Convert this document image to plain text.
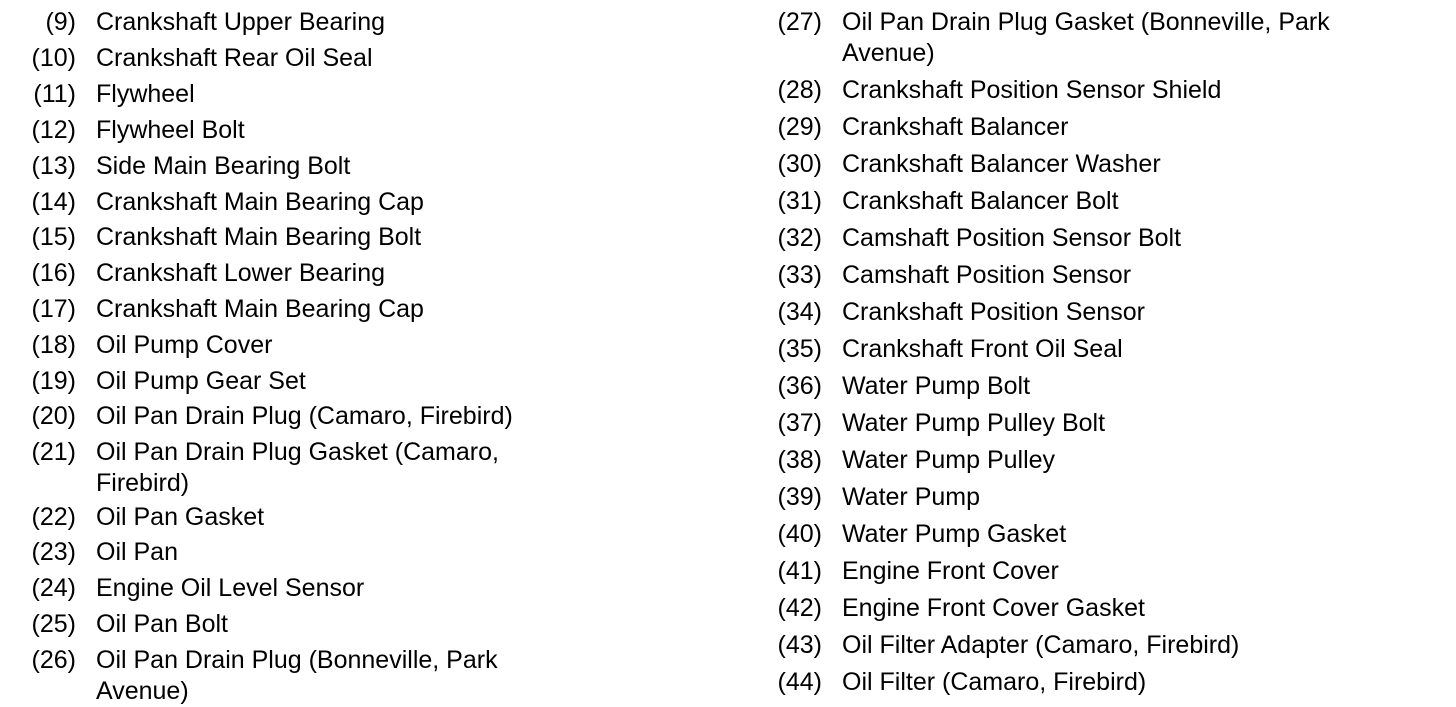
(9) Crankshaft Upper Bearing
(10) Crankshaft Rear Oil Seal
(11) Flywheel
(12) Flywheel Bolt
(13) Side Main Bearing Bolt
(14) Crankshaft Main Bearing Cap
(15) Crankshaft Main Bearing Bolt
(16) Crankshaft Lower Bearing
(17) Crankshaft Main Bearing Cap
(18) Oil Pump Cover
(19) Oil Pump Gear Set
(20) Oil Pan Drain Plug (Camaro, Firebird)
(21) Oil Pan Drain Plug Gasket (Camaro, Firebird)
(22) Oil Pan Gasket
(23) Oil Pan
(24) Engine Oil Level Sensor
(25) Oil Pan Bolt
(26) Oil Pan Drain Plug (Bonneville, Park Avenue)
(27) Oil Pan Drain Plug Gasket (Bonneville, Park Avenue)
(28) Crankshaft Position Sensor Shield
(29) Crankshaft Balancer
(30) Crankshaft Balancer Washer
(31) Crankshaft Balancer Bolt
(32) Camshaft Position Sensor Bolt
(33) Camshaft Position Sensor
(34) Crankshaft Position Sensor
(35) Crankshaft Front Oil Seal
(36) Water Pump Bolt
(37) Water Pump Pulley Bolt
(38) Water Pump Pulley
(39) Water Pump
(40) Water Pump Gasket
(41) Engine Front Cover
(42) Engine Front Cover Gasket
(43) Oil Filter Adapter (Camaro, Firebird)
(44) Oil Filter (Camaro, Firebird)
